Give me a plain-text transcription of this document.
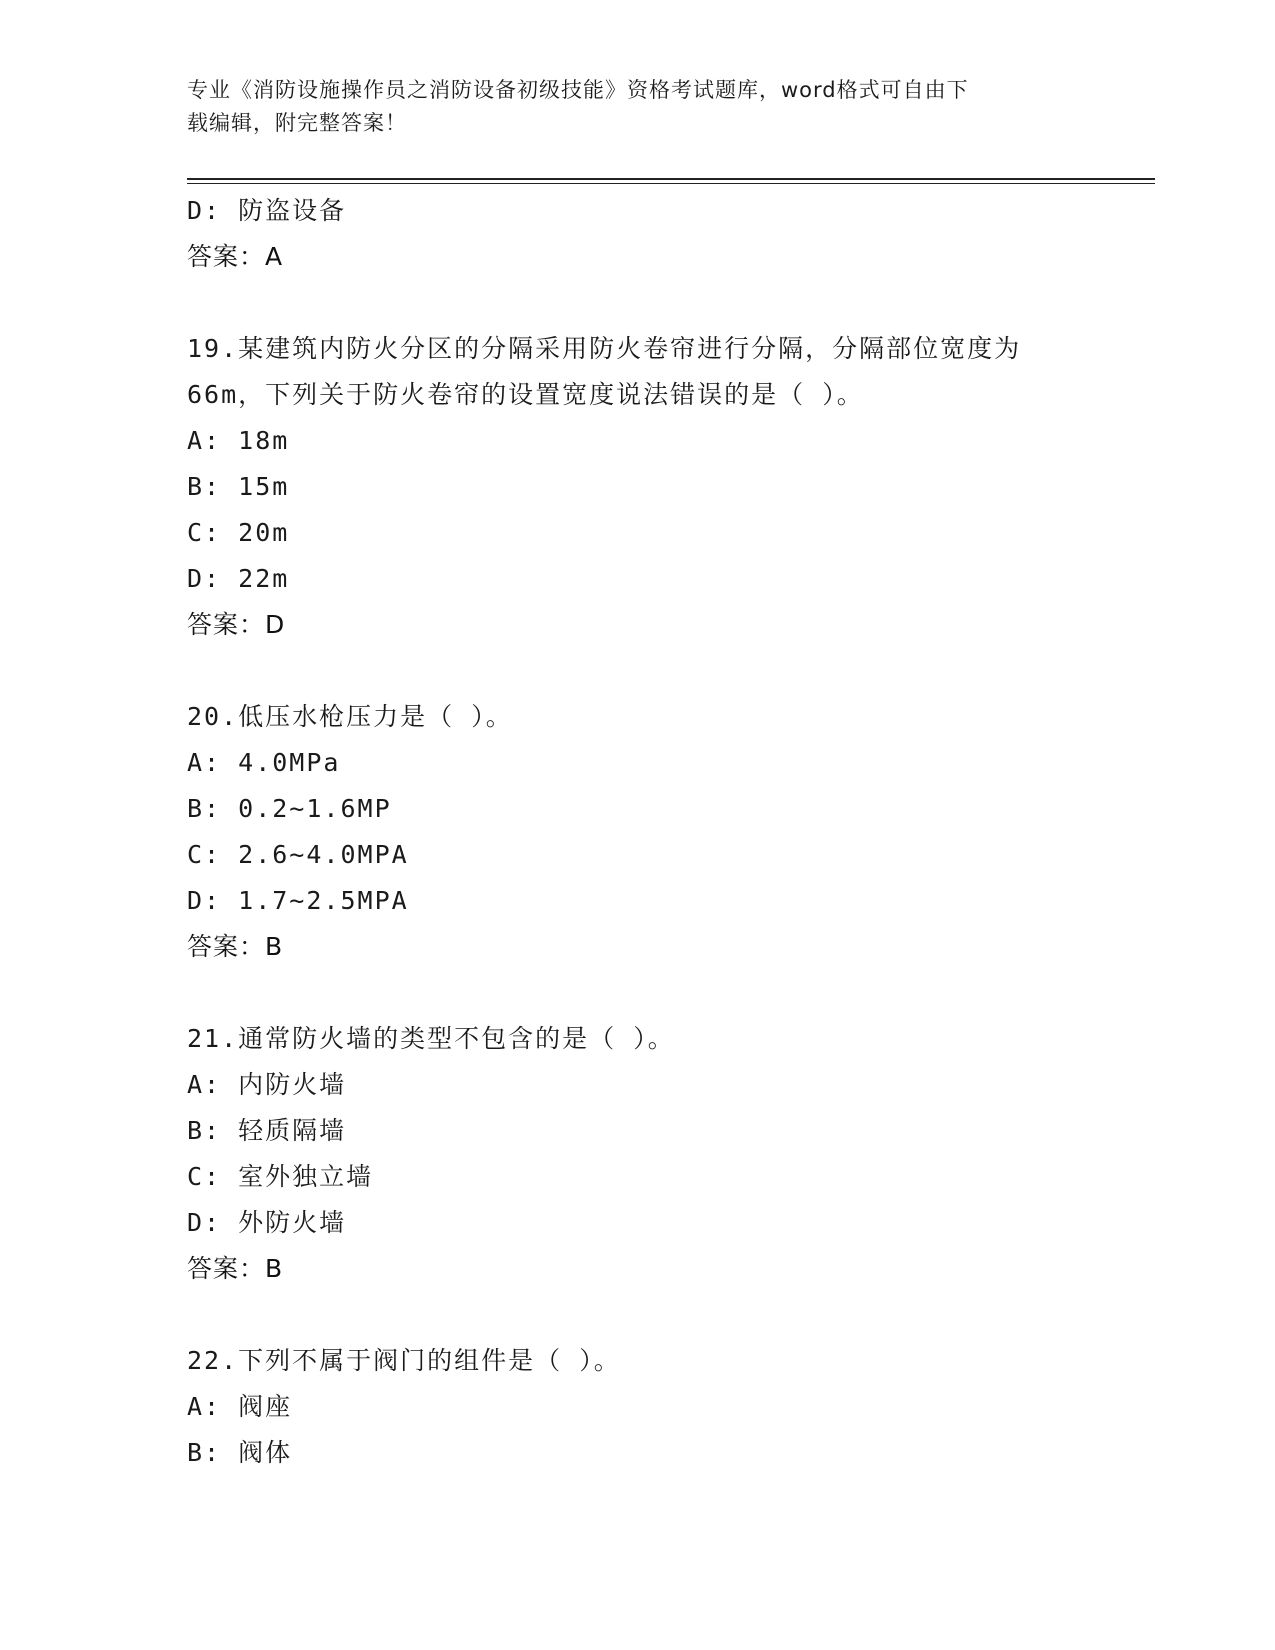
专业《消防设施操作员之消防设备初级技能》资格考试题库，word格式可自由下
载编辑，附完整答案！
D: 防盗设备
答案：A
19.某建筑内防火分区的分隔采用防火卷帘进行分隔，分隔部位宽度为
66m，下列关于防火卷帘的设置宽度说法错误的是（ ）。
A: 18m
B: 15m
C: 20m
D: 22m
答案：D
20.低压水枪压力是（ ）。
A: 4.0MPa
B: 0.2~1.6MP
C: 2.6~4.0MPA
D: 1.7~2.5MPA
答案：B
21.通常防火墙的类型不包含的是（ ）。
A: 内防火墙
B: 轻质隔墙
C: 室外独立墙
D: 外防火墙
答案：B
22.下列不属于阀门的组件是（ ）。
A: 阀座
B: 阀体
